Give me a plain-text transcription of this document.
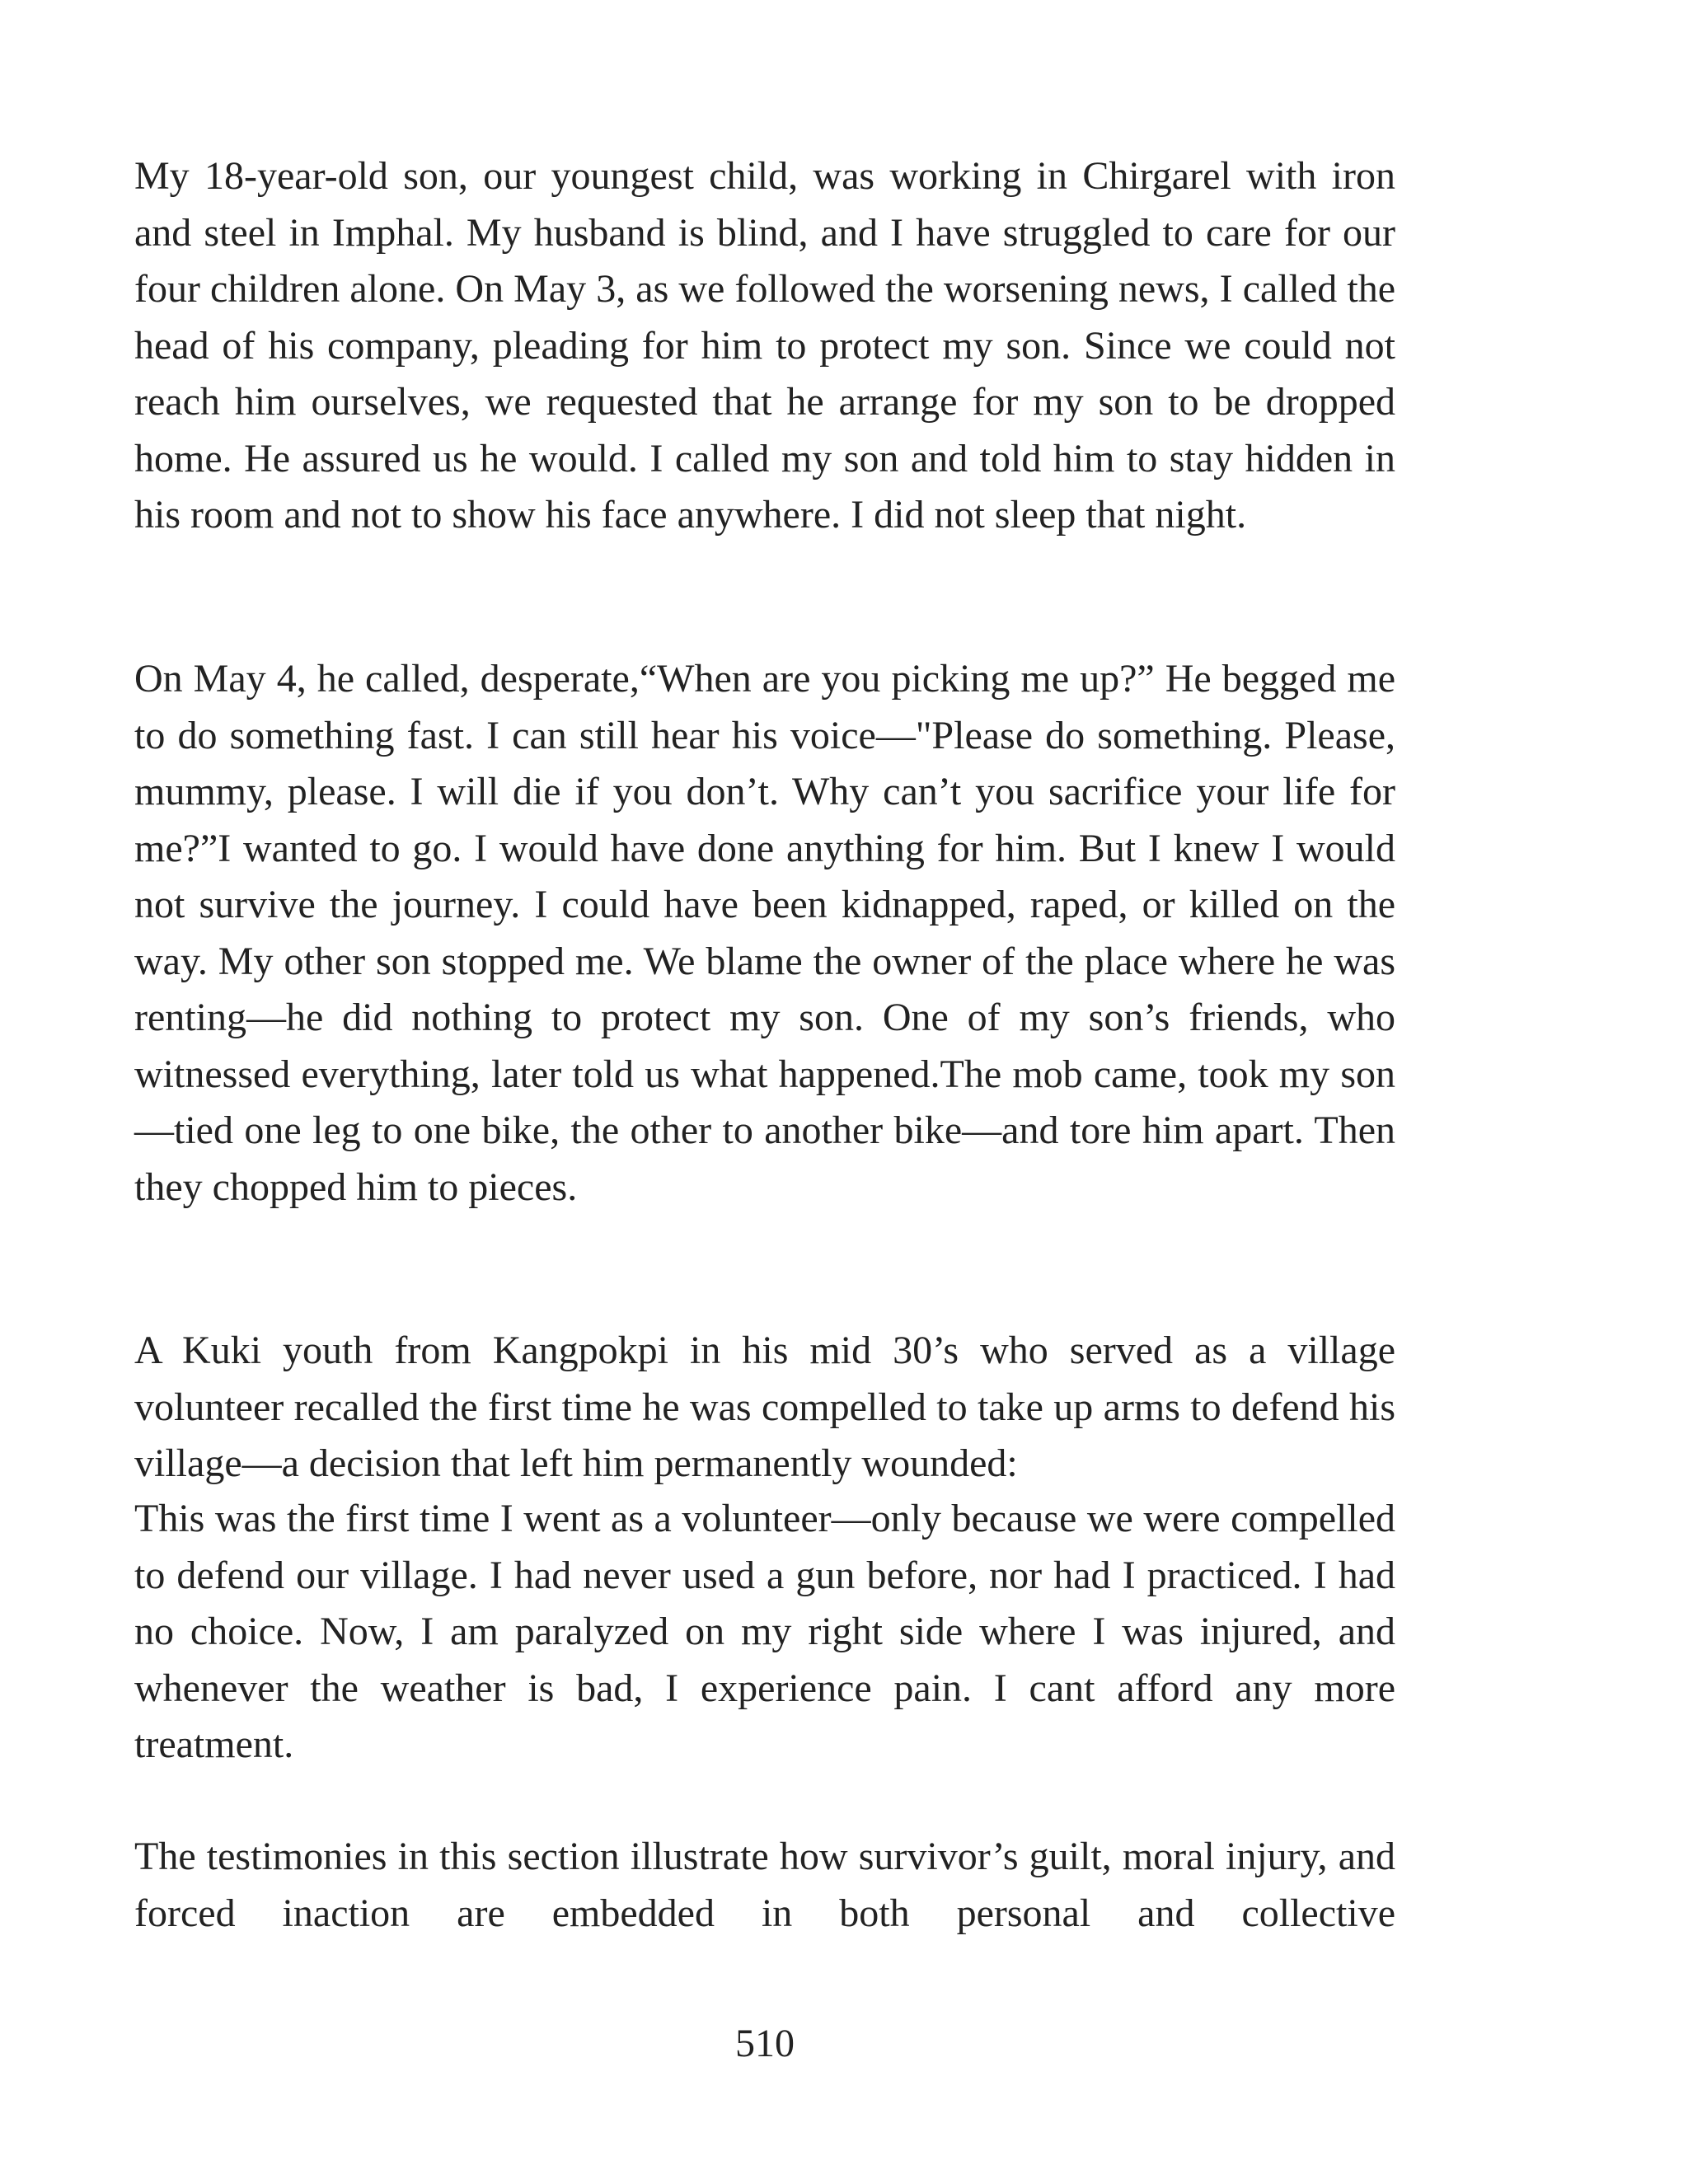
My 18-year-old son, our youngest child, was working in Chirgarel with iron and steel in Imphal. My husband is blind, and I have struggled to care for our four children alone. On May 3, as we followed the worsening news, I called the head of his company, pleading for him to protect my son. Since we could not reach him ourselves, we requested that he arrange for my son to be dropped home. He assured us he would. I called my son and told him to stay hidden in his room and not to show his face anywhere. I did not sleep that night.

On May 4, he called, desperate,“When are you picking me up?” He begged me to do something fast. I can still hear his voice—"Please do something. Please, mummy, please. I will die if you don’t. Why can’t you sacrifice your life for me?”I wanted to go. I would have done anything for him. But I knew I would not survive the journey. I could have been kidnapped, raped, or killed on the way. My other son stopped me. We blame the owner of the place where he was renting—he did nothing to protect my son. One of my son’s friends, who witnessed everything, later told us what happened.The mob came, took my son—tied one leg to one bike, the other to another bike—and tore him apart. Then they chopped him to pieces.

A Kuki youth from Kangpokpi in his mid 30’s who served as a village volunteer recalled the first time he was compelled to take up arms to defend his village—a decision that left him permanently wounded:

This was the first time I went as a volunteer—only because we were compelled to defend our village. I had never used a gun before, nor had I practiced. I had no choice. Now, I am paralyzed on my right side where I was injured, and whenever the weather is bad, I experience pain. I cant afford any more treatment.

The testimonies in this section illustrate how survivor’s guilt, moral injury, and forced inaction are embedded in both personal and collective

510
